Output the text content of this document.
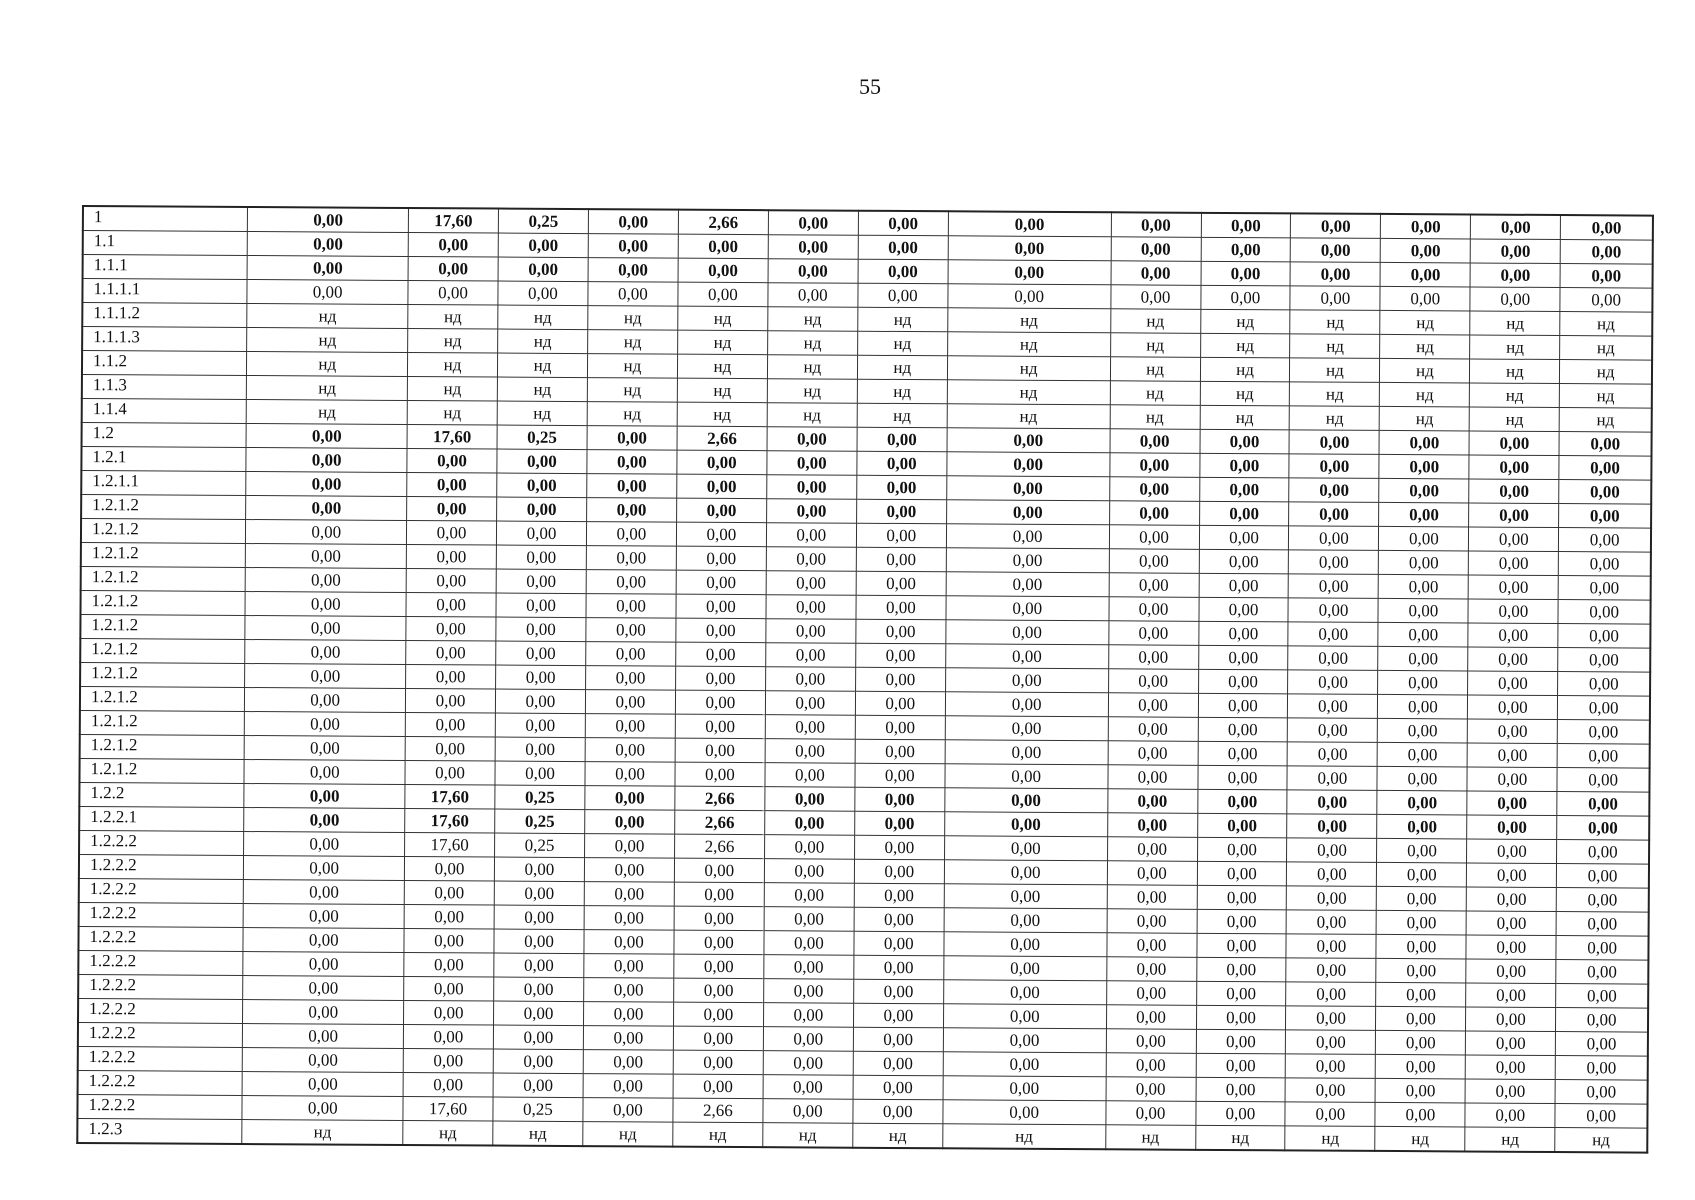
55
1	0,00	17,60	0,25	0,00	2,66	0,00	0,00	0,00	0,00	0,00	0,00	0,00	0,00	0,00
1.1	0,00	0,00	0,00	0,00	0,00	0,00	0,00	0,00	0,00	0,00	0,00	0,00	0,00	0,00
1.1.1	0,00	0,00	0,00	0,00	0,00	0,00	0,00	0,00	0,00	0,00	0,00	0,00	0,00	0,00
1.1.1.1	0,00	0,00	0,00	0,00	0,00	0,00	0,00	0,00	0,00	0,00	0,00	0,00	0,00	0,00
1.1.1.2	нд	нд	нд	нд	нд	нд	нд	нд	нд	нд	нд	нд	нд	нд
1.1.1.3	нд	нд	нд	нд	нд	нд	нд	нд	нд	нд	нд	нд	нд	нд
1.1.2	нд	нд	нд	нд	нд	нд	нд	нд	нд	нд	нд	нд	нд	нд
1.1.3	нд	нд	нд	нд	нд	нд	нд	нд	нд	нд	нд	нд	нд	нд
1.1.4	нд	нд	нд	нд	нд	нд	нд	нд	нд	нд	нд	нд	нд	нд
1.2	0,00	17,60	0,25	0,00	2,66	0,00	0,00	0,00	0,00	0,00	0,00	0,00	0,00	0,00
1.2.1	0,00	0,00	0,00	0,00	0,00	0,00	0,00	0,00	0,00	0,00	0,00	0,00	0,00	0,00
1.2.1.1	0,00	0,00	0,00	0,00	0,00	0,00	0,00	0,00	0,00	0,00	0,00	0,00	0,00	0,00
1.2.1.2	0,00	0,00	0,00	0,00	0,00	0,00	0,00	0,00	0,00	0,00	0,00	0,00	0,00	0,00
1.2.1.2	0,00	0,00	0,00	0,00	0,00	0,00	0,00	0,00	0,00	0,00	0,00	0,00	0,00	0,00
1.2.1.2	0,00	0,00	0,00	0,00	0,00	0,00	0,00	0,00	0,00	0,00	0,00	0,00	0,00	0,00
1.2.1.2	0,00	0,00	0,00	0,00	0,00	0,00	0,00	0,00	0,00	0,00	0,00	0,00	0,00	0,00
1.2.1.2	0,00	0,00	0,00	0,00	0,00	0,00	0,00	0,00	0,00	0,00	0,00	0,00	0,00	0,00
1.2.1.2	0,00	0,00	0,00	0,00	0,00	0,00	0,00	0,00	0,00	0,00	0,00	0,00	0,00	0,00
1.2.1.2	0,00	0,00	0,00	0,00	0,00	0,00	0,00	0,00	0,00	0,00	0,00	0,00	0,00	0,00
1.2.1.2	0,00	0,00	0,00	0,00	0,00	0,00	0,00	0,00	0,00	0,00	0,00	0,00	0,00	0,00
1.2.1.2	0,00	0,00	0,00	0,00	0,00	0,00	0,00	0,00	0,00	0,00	0,00	0,00	0,00	0,00
1.2.1.2	0,00	0,00	0,00	0,00	0,00	0,00	0,00	0,00	0,00	0,00	0,00	0,00	0,00	0,00
1.2.1.2	0,00	0,00	0,00	0,00	0,00	0,00	0,00	0,00	0,00	0,00	0,00	0,00	0,00	0,00
1.2.1.2	0,00	0,00	0,00	0,00	0,00	0,00	0,00	0,00	0,00	0,00	0,00	0,00	0,00	0,00
1.2.2	0,00	17,60	0,25	0,00	2,66	0,00	0,00	0,00	0,00	0,00	0,00	0,00	0,00	0,00
1.2.2.1	0,00	17,60	0,25	0,00	2,66	0,00	0,00	0,00	0,00	0,00	0,00	0,00	0,00	0,00
1.2.2.2	0,00	17,60	0,25	0,00	2,66	0,00	0,00	0,00	0,00	0,00	0,00	0,00	0,00	0,00
1.2.2.2	0,00	0,00	0,00	0,00	0,00	0,00	0,00	0,00	0,00	0,00	0,00	0,00	0,00	0,00
1.2.2.2	0,00	0,00	0,00	0,00	0,00	0,00	0,00	0,00	0,00	0,00	0,00	0,00	0,00	0,00
1.2.2.2	0,00	0,00	0,00	0,00	0,00	0,00	0,00	0,00	0,00	0,00	0,00	0,00	0,00	0,00
1.2.2.2	0,00	0,00	0,00	0,00	0,00	0,00	0,00	0,00	0,00	0,00	0,00	0,00	0,00	0,00
1.2.2.2	0,00	0,00	0,00	0,00	0,00	0,00	0,00	0,00	0,00	0,00	0,00	0,00	0,00	0,00
1.2.2.2	0,00	0,00	0,00	0,00	0,00	0,00	0,00	0,00	0,00	0,00	0,00	0,00	0,00	0,00
1.2.2.2	0,00	0,00	0,00	0,00	0,00	0,00	0,00	0,00	0,00	0,00	0,00	0,00	0,00	0,00
1.2.2.2	0,00	0,00	0,00	0,00	0,00	0,00	0,00	0,00	0,00	0,00	0,00	0,00	0,00	0,00
1.2.2.2	0,00	0,00	0,00	0,00	0,00	0,00	0,00	0,00	0,00	0,00	0,00	0,00	0,00	0,00
1.2.2.2	0,00	0,00	0,00	0,00	0,00	0,00	0,00	0,00	0,00	0,00	0,00	0,00	0,00	0,00
1.2.2.2	0,00	17,60	0,25	0,00	2,66	0,00	0,00	0,00	0,00	0,00	0,00	0,00	0,00	0,00
1.2.3	нд	нд	нд	нд	нд	нд	нд	нд	нд	нд	нд	нд	нд	нд
